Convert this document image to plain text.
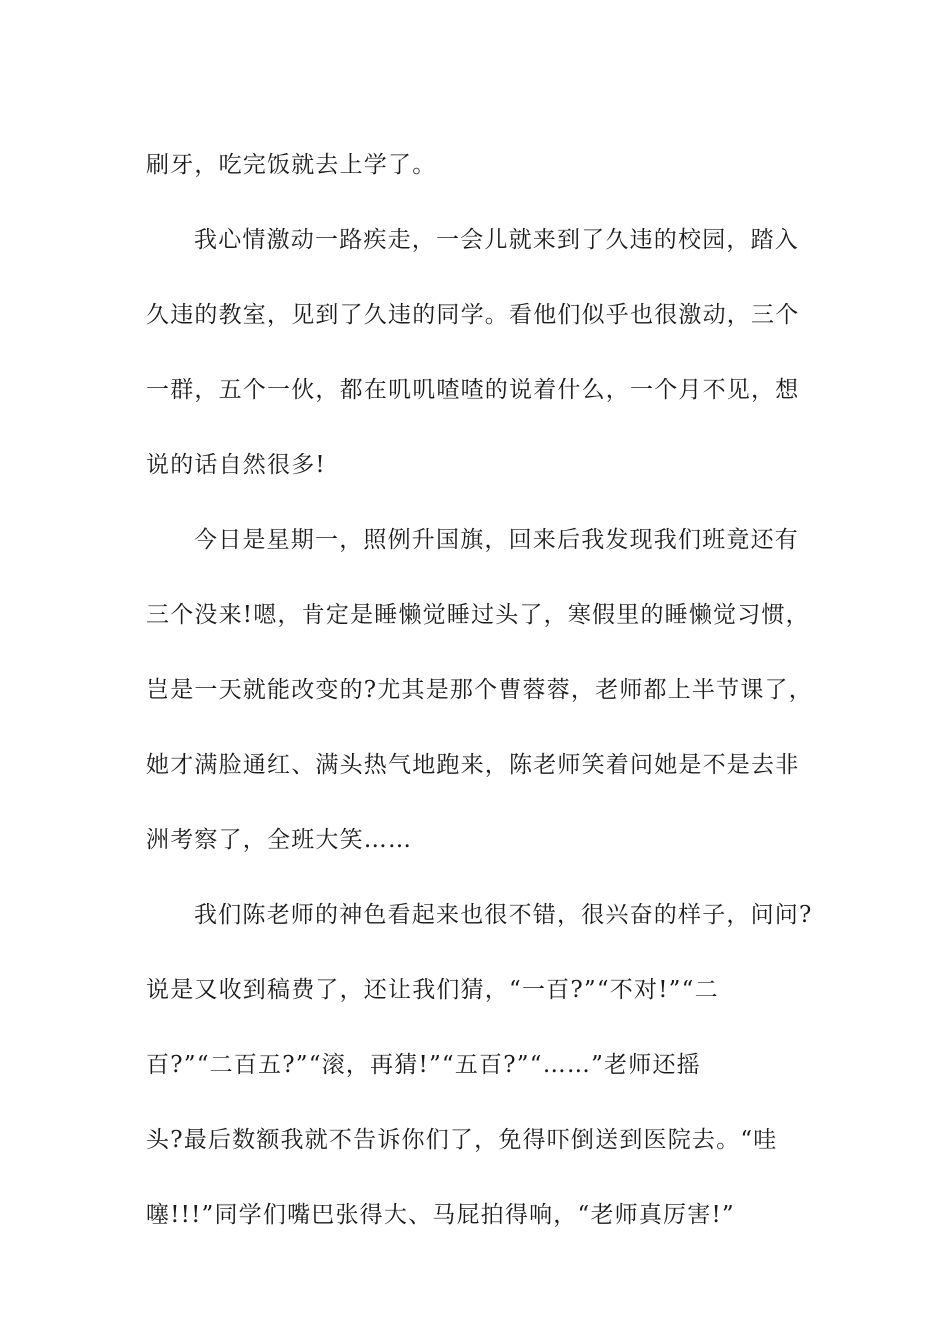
刷牙，吃完饭就去上学了。
我心情激动一路疾走，一会儿就来到了久违的校园，踏入
久违的教室，见到了久违的同学。看他们似乎也很激动，三个
一群，五个一伙，都在叽叽喳喳的说着什么，一个月不见，想
说的话自然很多!
今日是星期一，照例升国旗，回来后我发现我们班竟还有
三个没来!嗯，肯定是睡懒觉睡过头了，寒假里的睡懒觉习惯，
岂是一天就能改变的?尤其是那个曹蓉蓉，老师都上半节课了，
她才满脸通红、满头热气地跑来，陈老师笑着问她是不是去非
洲考察了，全班大笑……
我们陈老师的神色看起来也很不错，很兴奋的样子，问问?
说是又收到稿费了，还让我们猜，“一百?”“不对!”“二
百?”“二百五?”“滚，再猜!”“五百?”“……”老师还摇
头?最后数额我就不告诉你们了，免得吓倒送到医院去。“哇
噻!!!”同学们嘴巴张得大、马屁拍得响，“老师真厉害!”
